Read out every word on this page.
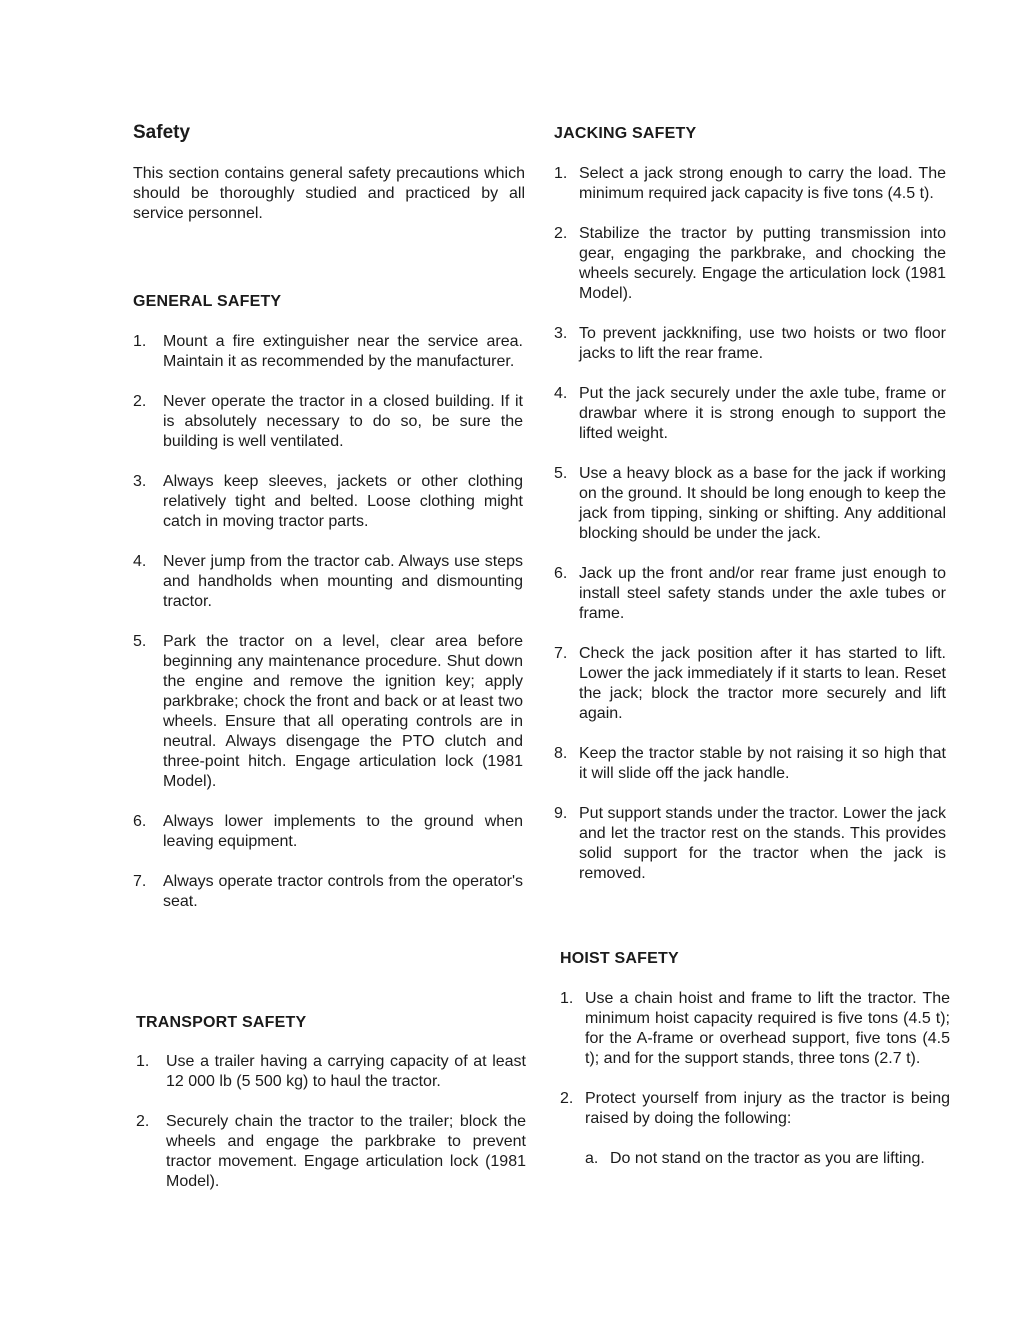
Safety

This section contains general safety precautions which should be thoroughly studied and practiced by all service personnel.

GENERAL SAFETY
1.	Mount a fire extinguisher near the service area. Maintain it as recommended by the manufacturer.
2.	Never operate the tractor in a closed building. If it is absolutely necessary to do so, be sure the building is well ventilated.
3.	Always keep sleeves, jackets or other clothing relatively tight and belted. Loose clothing might catch in moving tractor parts.
4.	Never jump from the tractor cab. Always use steps and handholds when mounting and dismounting tractor.
5.	Park the tractor on a level, clear area before beginning any maintenance procedure. Shut down the engine and remove the ignition key; apply parkbrake; chock the front and back or at least two wheels. Ensure that all operating controls are in neutral. Always disengage the PTO clutch and three-point hitch. Engage articulation lock (1981 Model).
6.	Always lower implements to the ground when leaving equipment.
7.	Always operate tractor controls from the operator's seat.
TRANSPORT SAFETY
1.	Use a trailer having a carrying capacity of at least 12 000 lb (5 500 kg) to haul the tractor.
2.	Securely chain the tractor to the trailer; block the wheels and engage the parkbrake to prevent tractor movement. Engage articulation lock (1981 Model).
JACKING SAFETY
1. Select a jack strong enough to carry the load. The minimum required jack capacity is five tons (4.5 t).
2. Stabilize the tractor by putting transmission into gear, engaging the parkbrake, and chocking the wheels securely. Engage the articulation lock (1981 Model).
3. To prevent jackknifing, use two hoists or two floor jacks to lift the rear frame.
4. Put the jack securely under the axle tube, frame or drawbar where it is strong enough to support the lifted weight.
5. Use a heavy block as a base for the jack if working on the ground. It should be long enough to keep the jack from tipping, sinking or shifting. Any additional blocking should be under the jack.
6. Jack up the front and/or rear frame just enough to install steel safety stands under the axle tubes or frame.
7. Check the jack position after it has started to lift. Lower the jack immediately if it starts to lean. Reset the jack; block the tractor more securely and lift again.
8. Keep the tractor stable by not raising it so high that it will slide off the jack handle.
9. Put support stands under the tractor. Lower the jack and let the tractor rest on the stands. This provides solid support for the tractor when the jack is removed.
HOIST SAFETY
1. Use a chain hoist and frame to lift the tractor. The minimum hoist capacity required is five tons (4.5 t); for the A-frame or overhead support, five tons (4.5 t); and for the support stands, three tons (2.7 t).
2. Protect yourself from injury as the tractor is being raised by doing the following:
a. Do not stand on the tractor as you are lifting.
